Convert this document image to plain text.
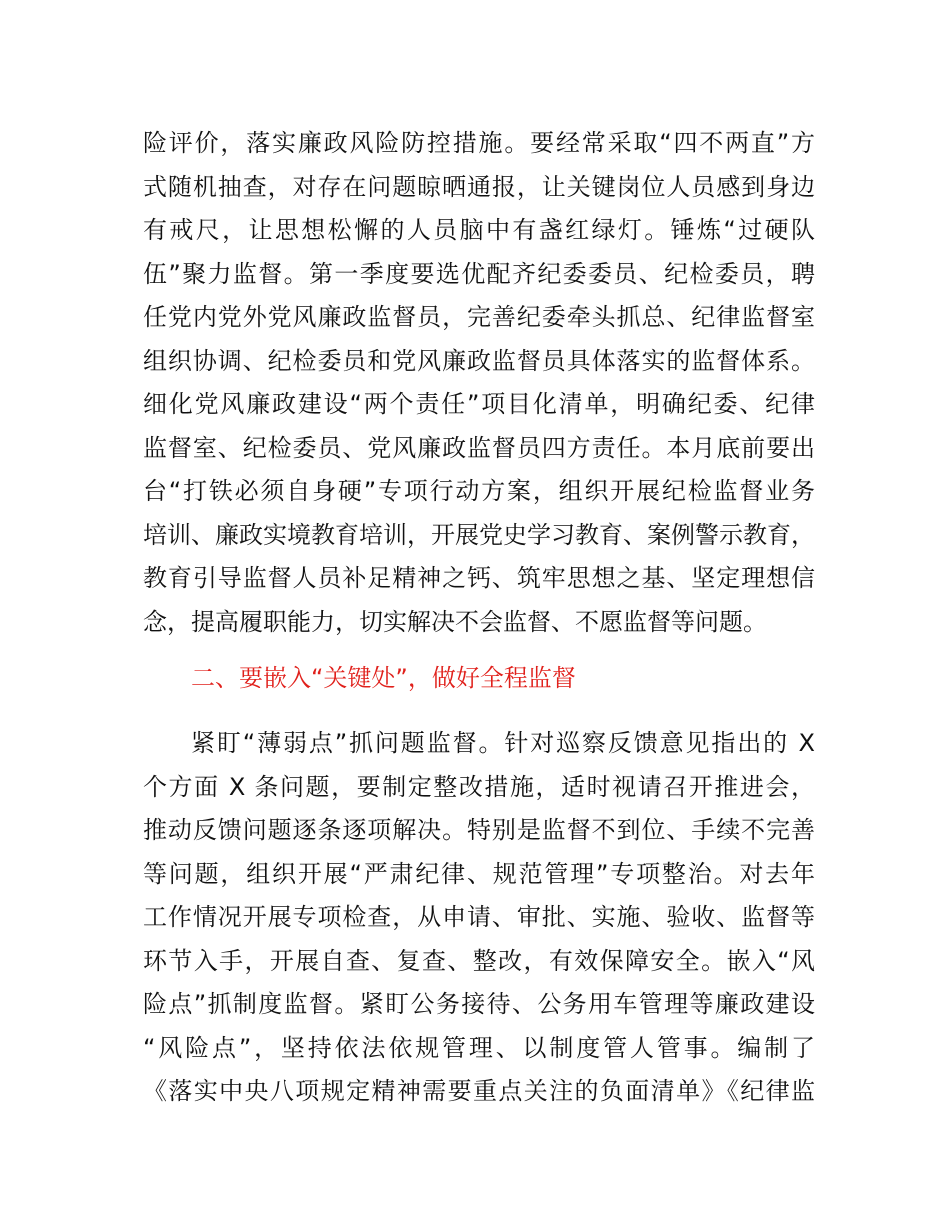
险评价，落实廉政风险防控措施。要经常采取“四不两直”方
式随机抽查，对存在问题晾晒通报，让关键岗位人员感到身边
有戒尺，让思想松懈的人员脑中有盏红绿灯。锤炼“过硬队
伍”聚力监督。第一季度要选优配齐纪委委员、纪检委员，聘
任党内党外党风廉政监督员，完善纪委牵头抓总、纪律监督室
组织协调、纪检委员和党风廉政监督员具体落实的监督体系。
细化党风廉政建设“两个责任”项目化清单，明确纪委、纪律
监督室、纪检委员、党风廉政监督员四方责任。本月底前要出
台“打铁必须自身硬”专项行动方案，组织开展纪检监督业务
培训、廉政实境教育培训，开展党史学习教育、案例警示教育，
教育引导监督人员补足精神之钙、筑牢思想之基、坚定理想信
念，提高履职能力，切实解决不会监督、不愿监督等问题。
二、要嵌入“关键处”，做好全程监督
紧盯“薄弱点”抓问题监督。针对巡察反馈意见指出的 X
个方面 X 条问题，要制定整改措施，适时视请召开推进会，
推动反馈问题逐条逐项解决。特别是监督不到位、手续不完善
等问题，组织开展“严肃纪律、规范管理”专项整治。对去年
工作情况开展专项检查，从申请、审批、实施、验收、监督等
环节入手，开展自查、复查、整改，有效保障安全。嵌入“风
险点”抓制度监督。紧盯公务接待、公务用车管理等廉政建设
“风险点”，坚持依法依规管理、以制度管人管事。编制了
《落实中央八项规定精神需要重点关注的负面清单》《纪律监
